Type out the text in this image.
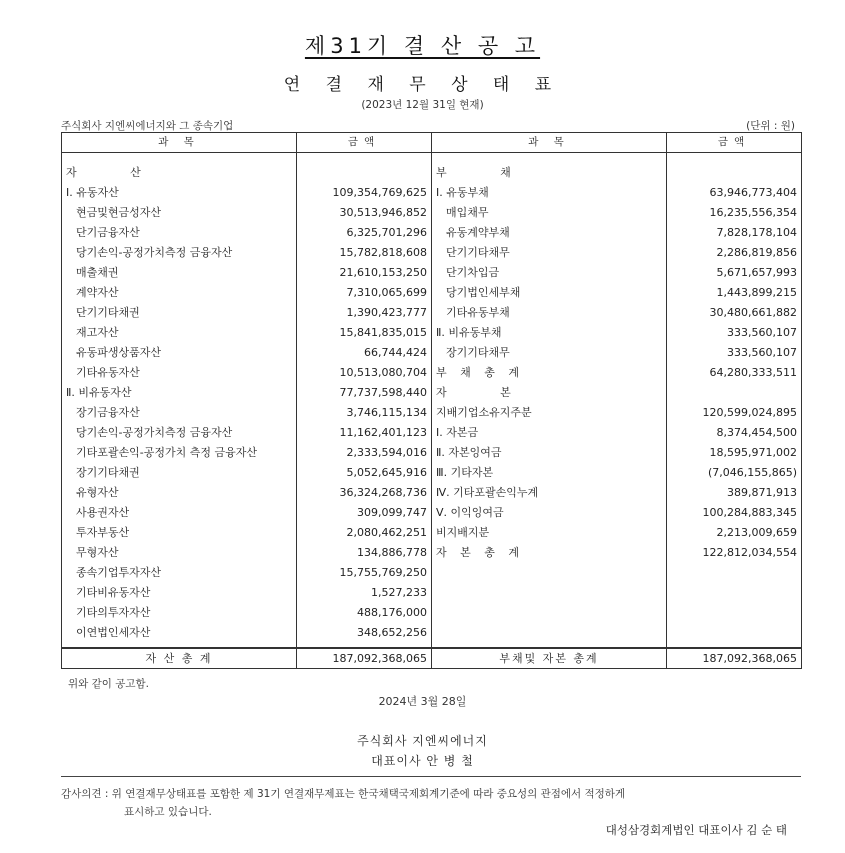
제31기 결 산 공 고
연 결 재 무 상 태 표
(2023년 12월 31일 현재)
주식회사 지엔씨에너지와 그 종속기업	(단위 : 원)
과 목	금액	과 목	금액

자 산		부 채	
Ⅰ. 유동자산	109,354,769,625	Ⅰ. 유동부채	63,946,773,404
현금및현금성자산	30,513,946,852	매입채무	16,235,556,354
단기금융자산	6,325,701,296	유동계약부채	7,828,178,104
당기손익-공정가치측정 금융자산	15,782,818,608	단기기타채무	2,286,819,856
매출채권	21,610,153,250	단기차입금	5,671,657,993
계약자산	7,310,065,699	당기법인세부채	1,443,899,215
단기기타채권	1,390,423,777	기타유동부채	30,480,661,882
재고자산	15,841,835,015	Ⅱ. 비유동부채	333,560,107
유동파생상품자산	66,744,424	장기기타채무	333,560,107
기타유동자산	10,513,080,704	부 채 총 계	64,280,333,511
Ⅱ. 비유동자산	77,737,598,440	자 본	
장기금융자산	3,746,115,134	지배기업소유지주분	120,599,024,895
당기손익-공정가치측정 금융자산	11,162,401,123	Ⅰ. 자본금	8,374,454,500
기타포괄손익-공정가치 측정 금융자산	2,333,594,016	Ⅱ. 자본잉여금	18,595,971,002
장기기타채권	5,052,645,916	Ⅲ. 기타자본	(7,046,155,865)
유형자산	36,324,268,736	Ⅳ. 기타포괄손익누계	389,871,913
사용권자산	309,099,747	Ⅴ. 이익잉여금	100,284,883,345
투자부동산	2,080,462,251	비지배지분	2,213,009,659
무형자산	134,886,778	자 본 총 계	122,812,034,554
종속기업투자자산	15,755,769,250		
기타비유동자산	1,527,233		
기타의투자자산	488,176,000		
이연법인세자산	348,652,256		

자 산 총 계	187,092,368,065	부채및 자본 총계	187,092,368,065
위와 같이 공고함.
2024년 3월 28일
주식회사 지엔씨에너지
대표이사 안 병 철
감사의견 : 위 연결재무상태표를 포함한 제 31기 연결재무제표는 한국채택국제회계기준에 따라 중요성의 관점에서 적정하게
표시하고 있습니다.
대성삼경회계법인 대표이사 김 순 태
